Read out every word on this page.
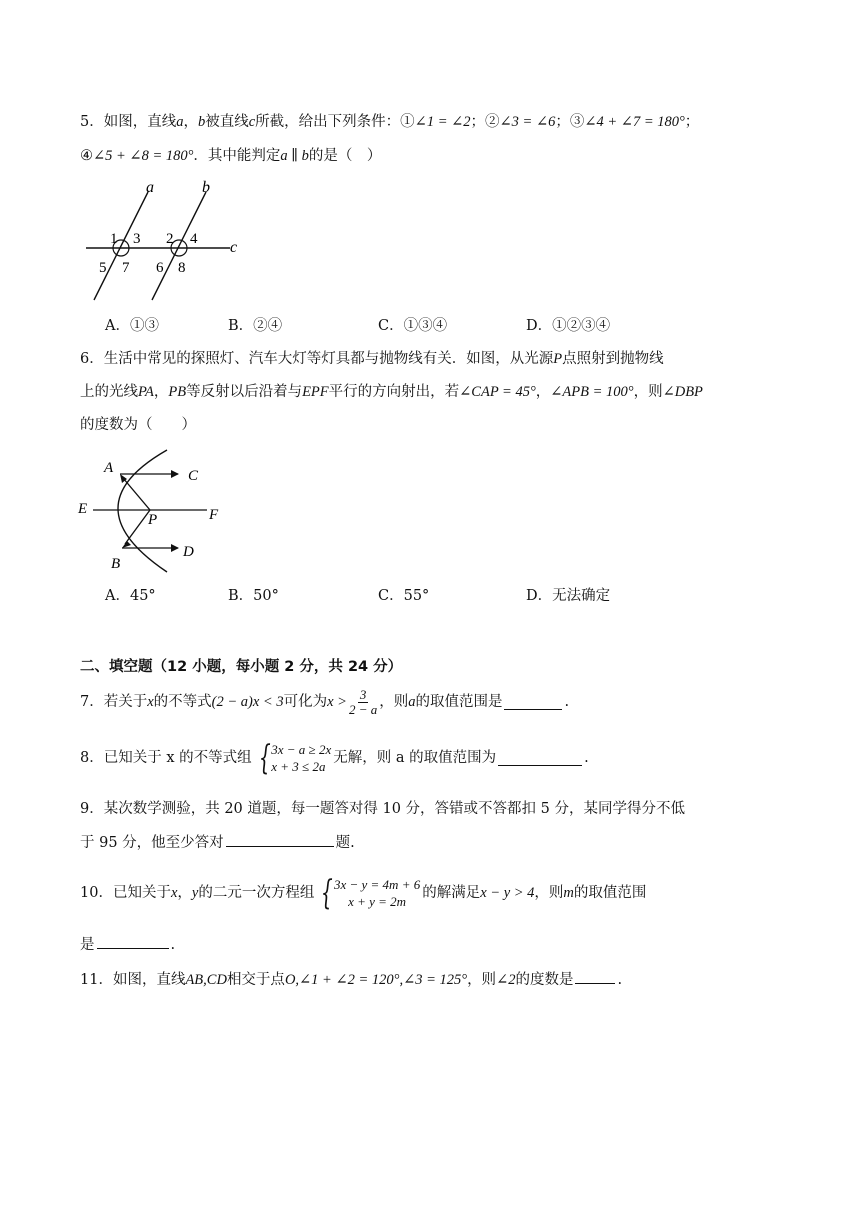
5．如图，直线a，b被直线c所截，给出下列条件：①∠1 = ∠2；②∠3 = ∠6；③∠4 + ∠7 = 180°；
④∠5 + ∠8 = 180°．其中能判定a ∥ b的是（　）
a	b
c
1 3
5 7
2 4
6 8
A．①③	B．②④	C．①③④	D．①②③④
6．生活中常见的探照灯、汽车大灯等灯具都与抛物线有关．如图，从光源P点照射到抛物线
上的光线PA，PB等反射以后沿着与EPF平行的方向射出，若∠CAP = 45°，∠APB = 100°，则∠DBP
的度数为（　　）
A	C
E
P	F
B
D
A．45°	B．50°	C．55°	D．无法确定
二、填空题（12 小题，每小题 2 分，共 24 分）
7．若关于 x 的不等式 (2 − a)x < 3 可化为 $x > \frac{3}{2 - a}$ ，则 a 的取值范围是	.
8．已知关于 x 的不等式组 { 3x − a ≥ 2x
x + 3 ≤ 2a
无解，则 a 的取值范围为	.
9．某次数学测验，共 20 道题，每一题答对得 10 分，答错或不答都扣 5 分，某同学得分不低
于 95 分，他至少答对	题.
10．已知关于 x ， y 的二元一次方程组 { 3x − y = 4m + 6
x + y = 2m
的解满足 x − y > 4 ，则 m 的取值范围
是	.
11．如图，直线AB,CD相交于点O,∠1 + ∠2 = 120°,∠3 = 125°，则∠2的度数是	.
